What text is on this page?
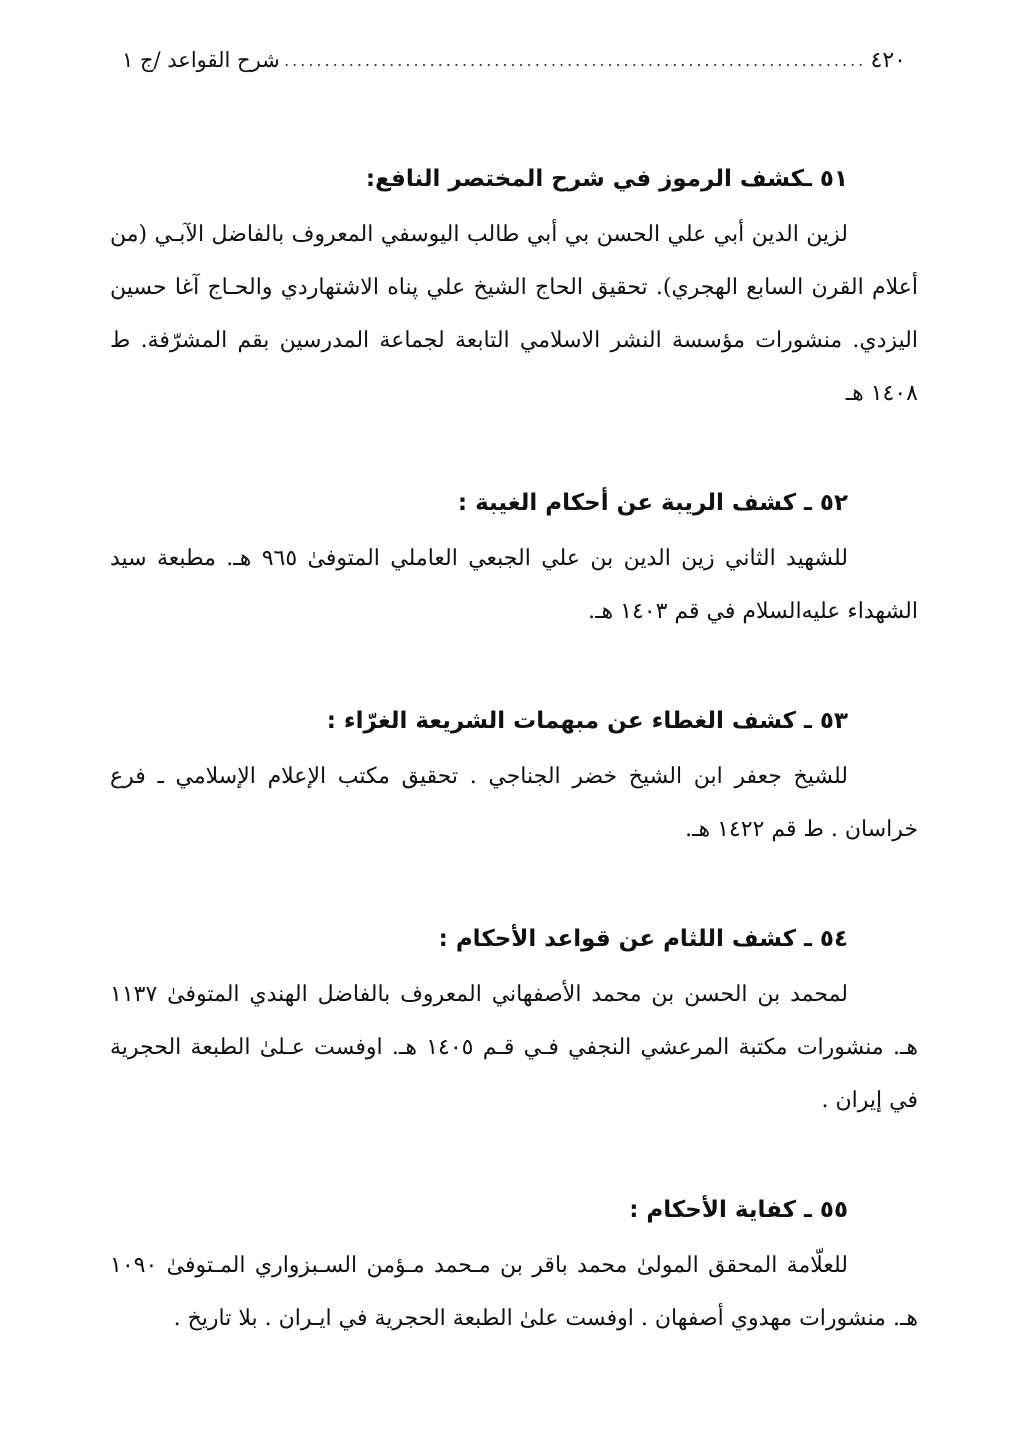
٤٢٠
........................................................................
شرح القواعد /ج ١

٥١ ـكشف الرموز في شرح المختصر النافع:

لزين الدين أبي علي الحسن بي أبي طالب اليوسفي المعروف بالفاضل الآبـي (من أعلام القرن السابع الهجري). تحقيق الحاج الشيخ علي پناه الاشتهاردي والحـاج آغا حسين اليزدي. منشورات مؤسسة النشر الاسلامي التابعة لجماعة المدرسين بقم المشرّفة. ط ١٤٠٨ هـ

٥٢ ـ كشف الريبة عن أحكام الغيبة :

للشهيد الثاني زين الدين بن علي الجبعي العاملي المتوفىٰ ٩٦٥ هـ. مطبعة سيد الشهداء عليه‌السلام في قم ١٤٠٣ هـ.

٥٣ ـ كشف الغطاء عن مبهمات الشريعة الغرّاء :

للشيخ جعفر ابن الشيخ خضر الجناجي . تحقيق مكتب الإعلام الإسلامي ـ فرع خراسان . ط قم ١٤٢٢ هـ.

٥٤ ـ كشف اللثام عن قواعد الأحكام :

لمحمد بن الحسن بن محمد الأصفهاني المعروف بالفاضل الهندي المتوفىٰ ١١٣٧ هـ. منشورات مكتبة المرعشي النجفي فـي قـم ١٤٠٥ هـ. اوفست عـلىٰ الطبعة الحجرية في إيران .

٥٥ ـ كفاية الأحكام :

للعلّامة المحقق المولىٰ محمد باقر بن مـحمد مـؤمن السـبزواري المـتوفىٰ ١٠٩٠ هـ. منشورات مهدوي أصفهان . اوفست علىٰ الطبعة الحجرية في ايـران . بلا تاريخ .
